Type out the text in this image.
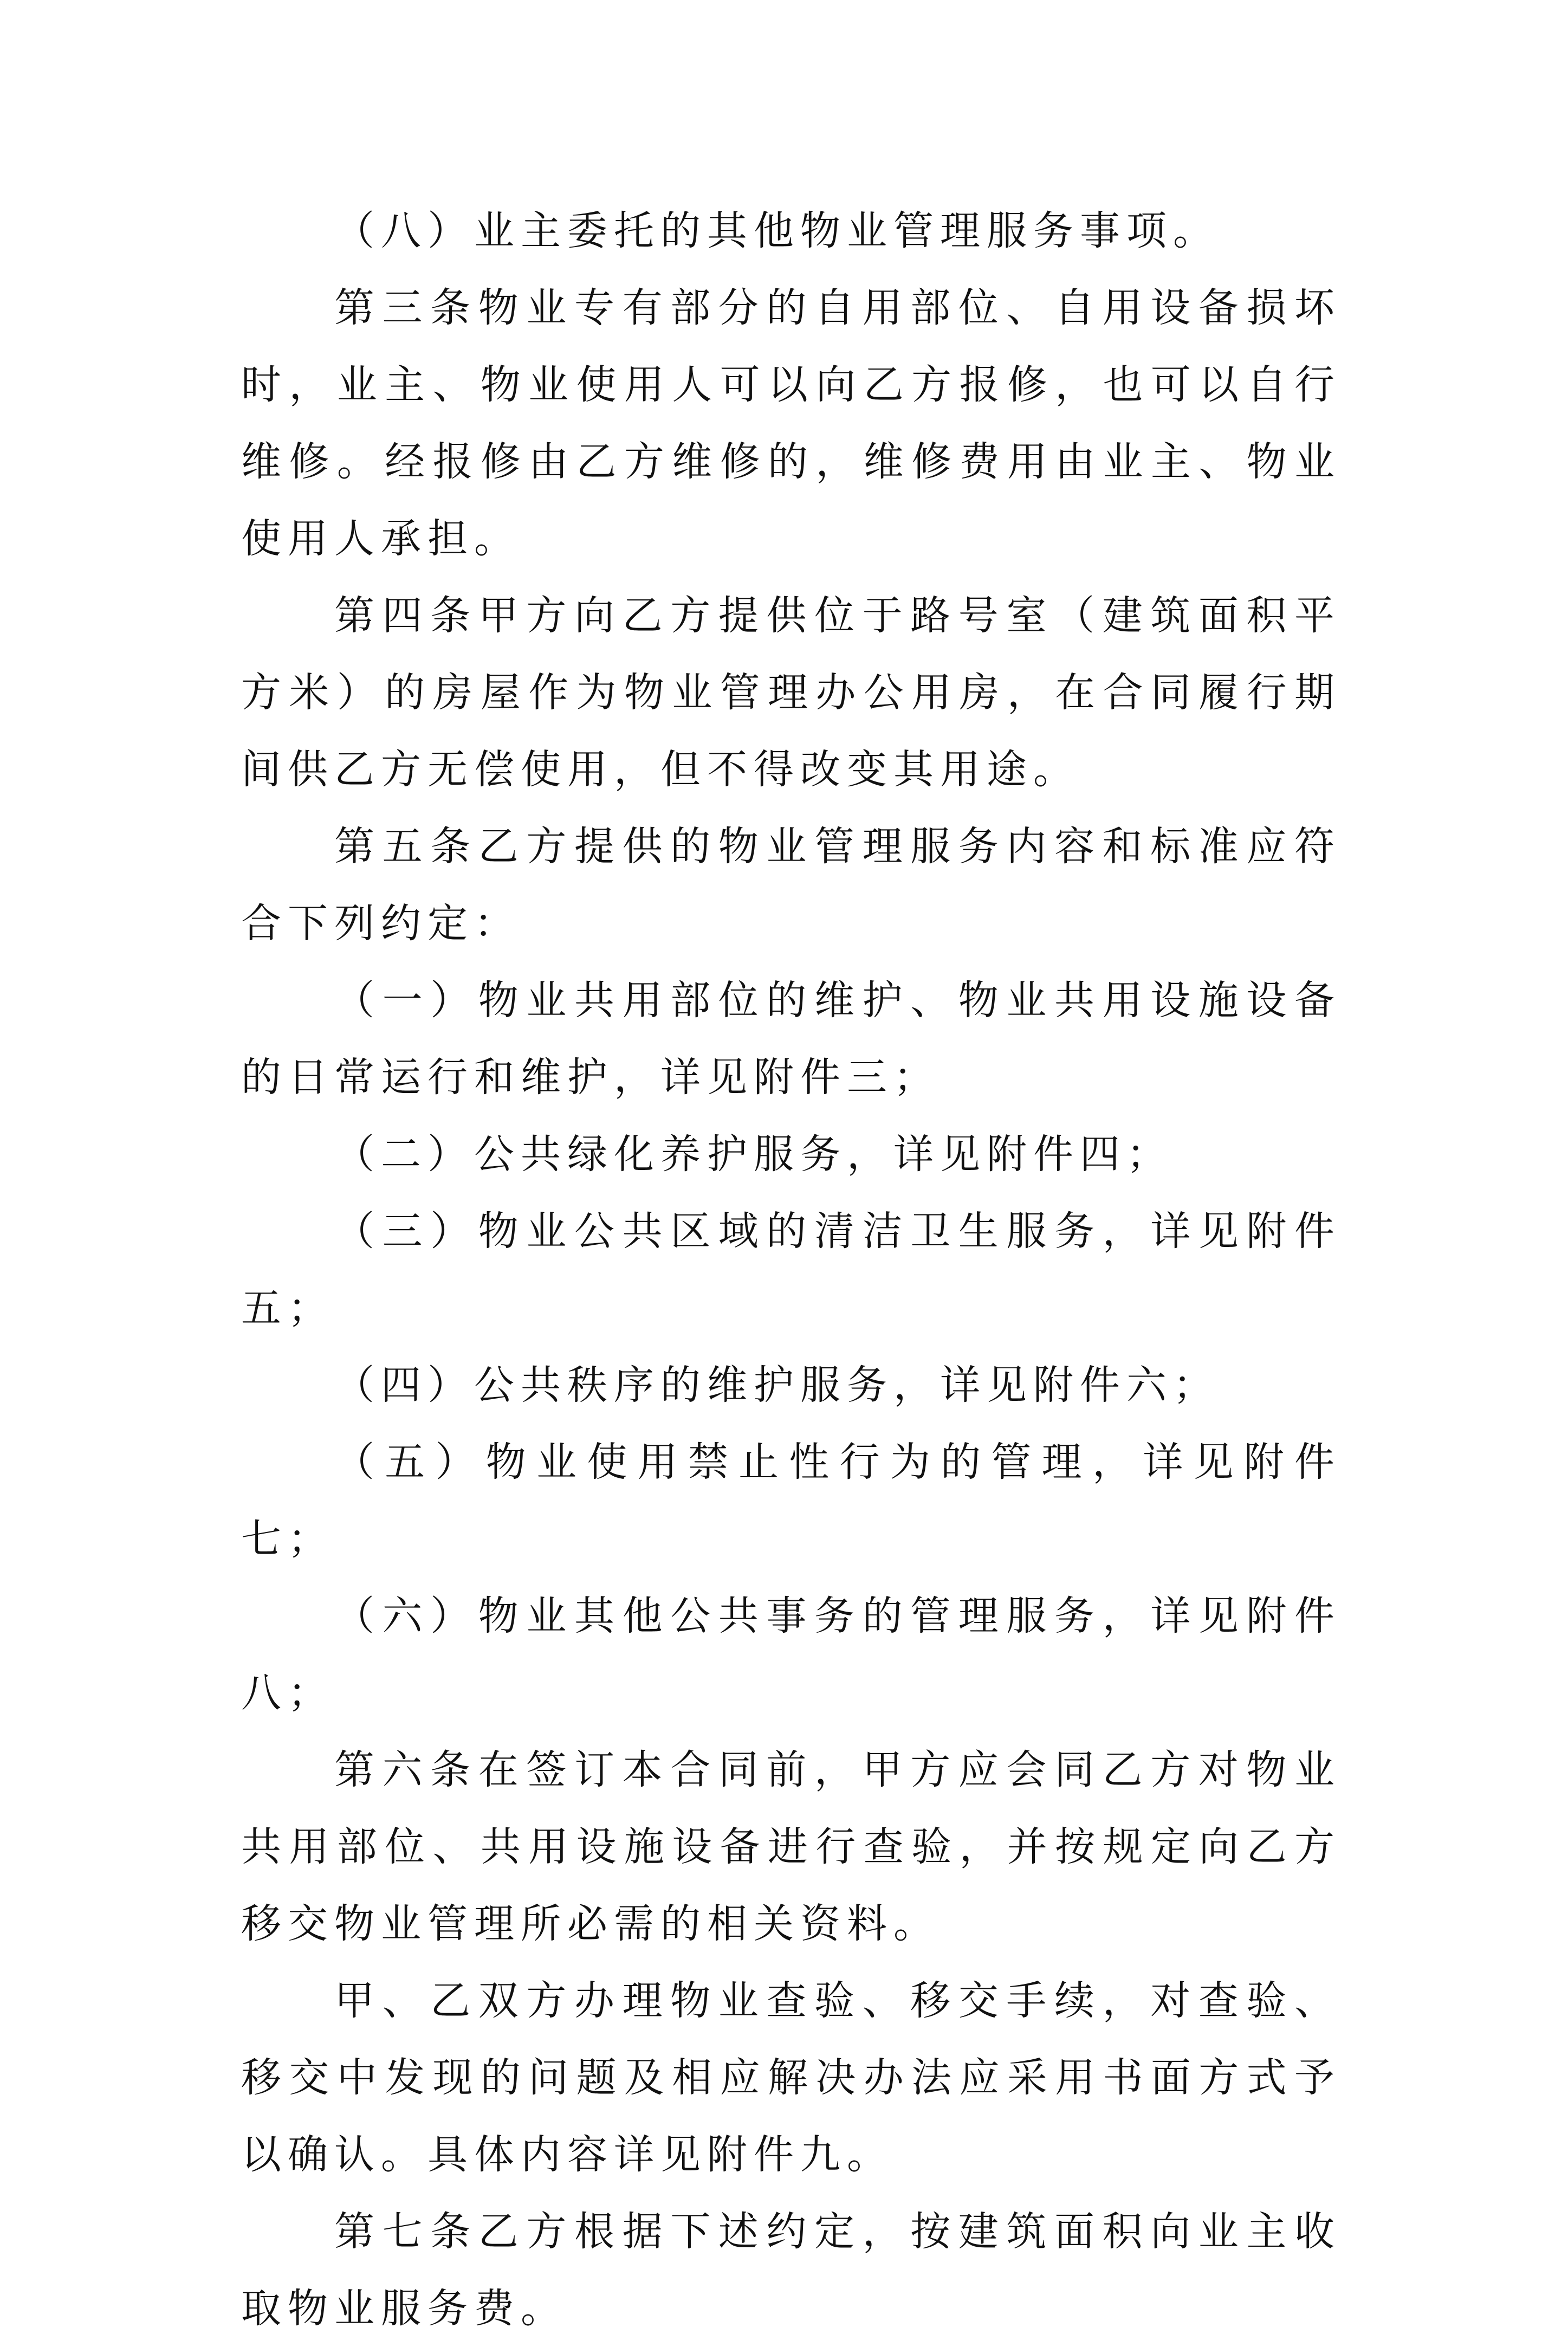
（八）业主委托的其他物业管理服务事项。

第三条物业专有部分的自用部位、自用设备损坏时，业主、物业使用人可以向乙方报修，也可以自行维修。经报修由乙方维修的，维修费用由业主、物业使用人承担。

第四条甲方向乙方提供位于路号室（建筑面积平方米）的房屋作为物业管理办公用房，在合同履行期间供乙方无偿使用，但不得改变其用途。

第五条乙方提供的物业管理服务内容和标准应符合下列约定：

（一）物业共用部位的维护、物业共用设施设备的日常运行和维护，详见附件三；

（二）公共绿化养护服务，详见附件四；

（三）物业公共区域的清洁卫生服务，详见附件五；

（四）公共秩序的维护服务，详见附件六；

（五）物业使用禁止性行为的管理，详见附件七；

（六）物业其他公共事务的管理服务，详见附件八；

第六条在签订本合同前，甲方应会同乙方对物业共用部位、共用设施设备进行查验，并按规定向乙方移交物业管理所必需的相关资料。

甲、乙双方办理物业查验、移交手续，对查验、移交中发现的问题及相应解决办法应采用书面方式予以确认。具体内容详见附件九。

第七条乙方根据下述约定，按建筑面积向业主收取物业服务费。
